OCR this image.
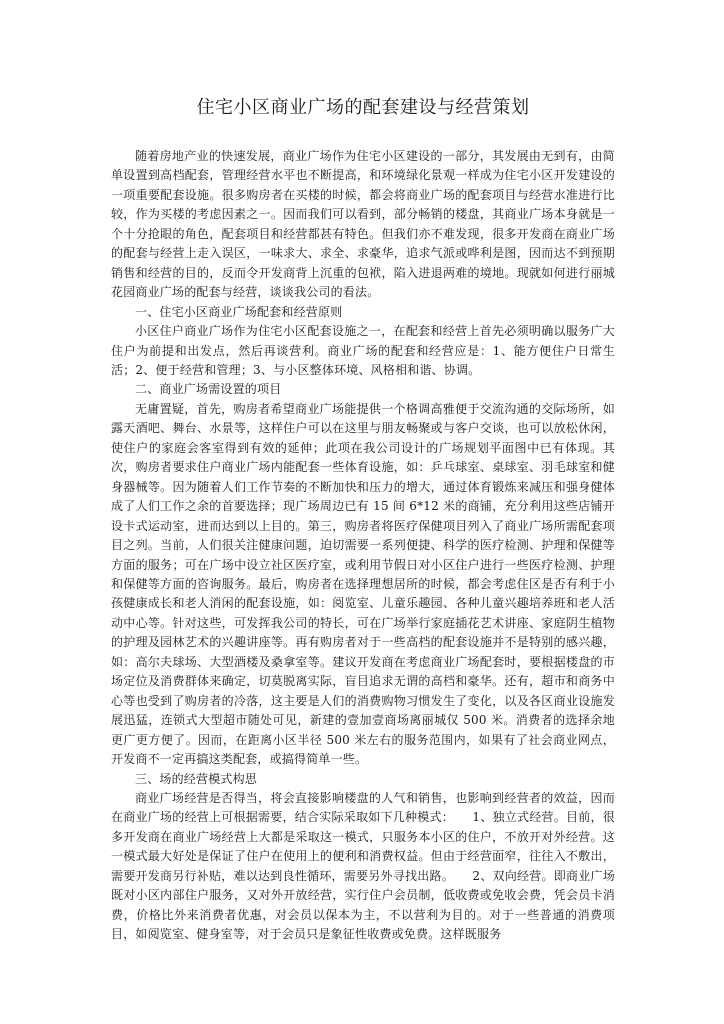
住宅小区商业广场的配套建设与经营策划

随着房地产业的快速发展，商业广场作为住宅小区建设的一部分，其发展由无到有，由简单设置到高档配套，管理经营水平也不断提高，和环境绿化景观一样成为住宅小区开发建设的一项重要配套设施。很多购房者在买楼的时候，都会将商业广场的配套项目与经营水准进行比较，作为买楼的考虑因素之一。因而我们可以看到，部分畅销的楼盘，其商业广场本身就是一个十分抢眼的角色，配套项目和经营都甚有特色。但我们亦不难发现，很多开发商在商业广场的配套与经营上走入误区，一味求大、求全、求豪华，追求气派或哗利是图，因而达不到预期销售和经营的目的，反而令开发商背上沉重的包袱，陷入进退两难的境地。现就如何进行丽城花园商业广场的配套与经营，谈谈我公司的看法。

一、住宅小区商业广场配套和经营原则

小区住户商业广场作为住宅小区配套设施之一，在配套和经营上首先必须明确以服务广大住户为前提和出发点，然后再谈营利。商业广场的配套和经营应是：1、能方便住户日常生活；2、便于经营和管理；3、与小区整体环境、风格相和谐、协调。

二、商业广场需设置的项目

无庸置疑，首先，购房者希望商业广场能提供一个格调高雅便于交流沟通的交际场所，如露天酒吧、舞台、水景等，这样住户可以在这里与朋友畅聚或与客户交谈，也可以放松休闲，使住户的家庭会客室得到有效的延伸；此项在我公司设计的广场规划平面图中已有体现。其次，购房者要求住户商业广场内能配套一些体育设施，如：乒乓球室、桌球室、羽毛球室和健身器械等。因为随着人们工作节奏的不断加快和压力的增大，通过体育锻炼来减压和强身健体成了人们工作之余的首要选择；现广场周边已有 15 间 6*12 米的商铺，充分利用这些店铺开设卡式运动室，进而达到以上目的。第三，购房者将医疗保健项目列入了商业广场所需配套项目之列。当前，人们很关注健康问题，迫切需要一系列便捷、科学的医疗检测、护理和保健等方面的服务；可在广场中设立社区医疗室，或利用节假日对小区住户进行一些医疗检测、护理和保健等方面的咨询服务。最后，购房者在选择理想居所的时候，都会考虑住区是否有利于小孩健康成长和老人消闲的配套设施，如：阅览室、儿童乐趣园、各种儿童兴趣培养班和老人活动中心等。针对这些，可发挥我公司的特长，可在广场举行家庭插花艺术讲座、家庭阴生植物的护理及园林艺术的兴趣讲座等。再有购房者对于一些高档的配套设施并不是特别的感兴趣，如：高尔夫球场、大型酒楼及桑拿室等。建议开发商在考虑商业广场配套时，要根据楼盘的市场定位及消费群体来确定，切莫脱离实际，盲目追求无谓的高档和豪华。还有，超市和商务中心等也受到了购房者的冷落，这主要是人们的消费购物习惯发生了变化，以及各区商业设施发展迅猛，连锁式大型超市随处可见，新建的壹加壹商场离丽城仅 500 米。消费者的选择余地更广更方便了。因而，在距离小区半径 500 米左右的服务范围内，如果有了社会商业网点，开发商不一定再搞这类配套，或搞得简单一些。

三、场的经营模式构思

商业广场经营是否得当，将会直接影响楼盘的人气和销售，也影响到经营者的效益，因而在商业广场的经营上可根据需要，结合实际采取如下几种模式：　　1、独立式经营。目前，很多开发商在商业广场经营上大都是采取这一模式，只服务本小区的住户，不放开对外经营。这一模式最大好处是保证了住户在使用上的便利和消费权益。但由于经营面窄，往往入不敷出，需要开发商另行补贴，难以达到良性循环，需要另外寻找出路。　　2、双向经营。即商业广场既对小区内部住户服务，又对外开放经营，实行住户会员制，低收费或免收会费，凭会员卡消费，价格比外来消费者优惠，对会员以保本为主，不以营利为目的。对于一些普通的消费项目，如阅览室、健身室等，对于会员只是象征性收费或免费。这样既服务
